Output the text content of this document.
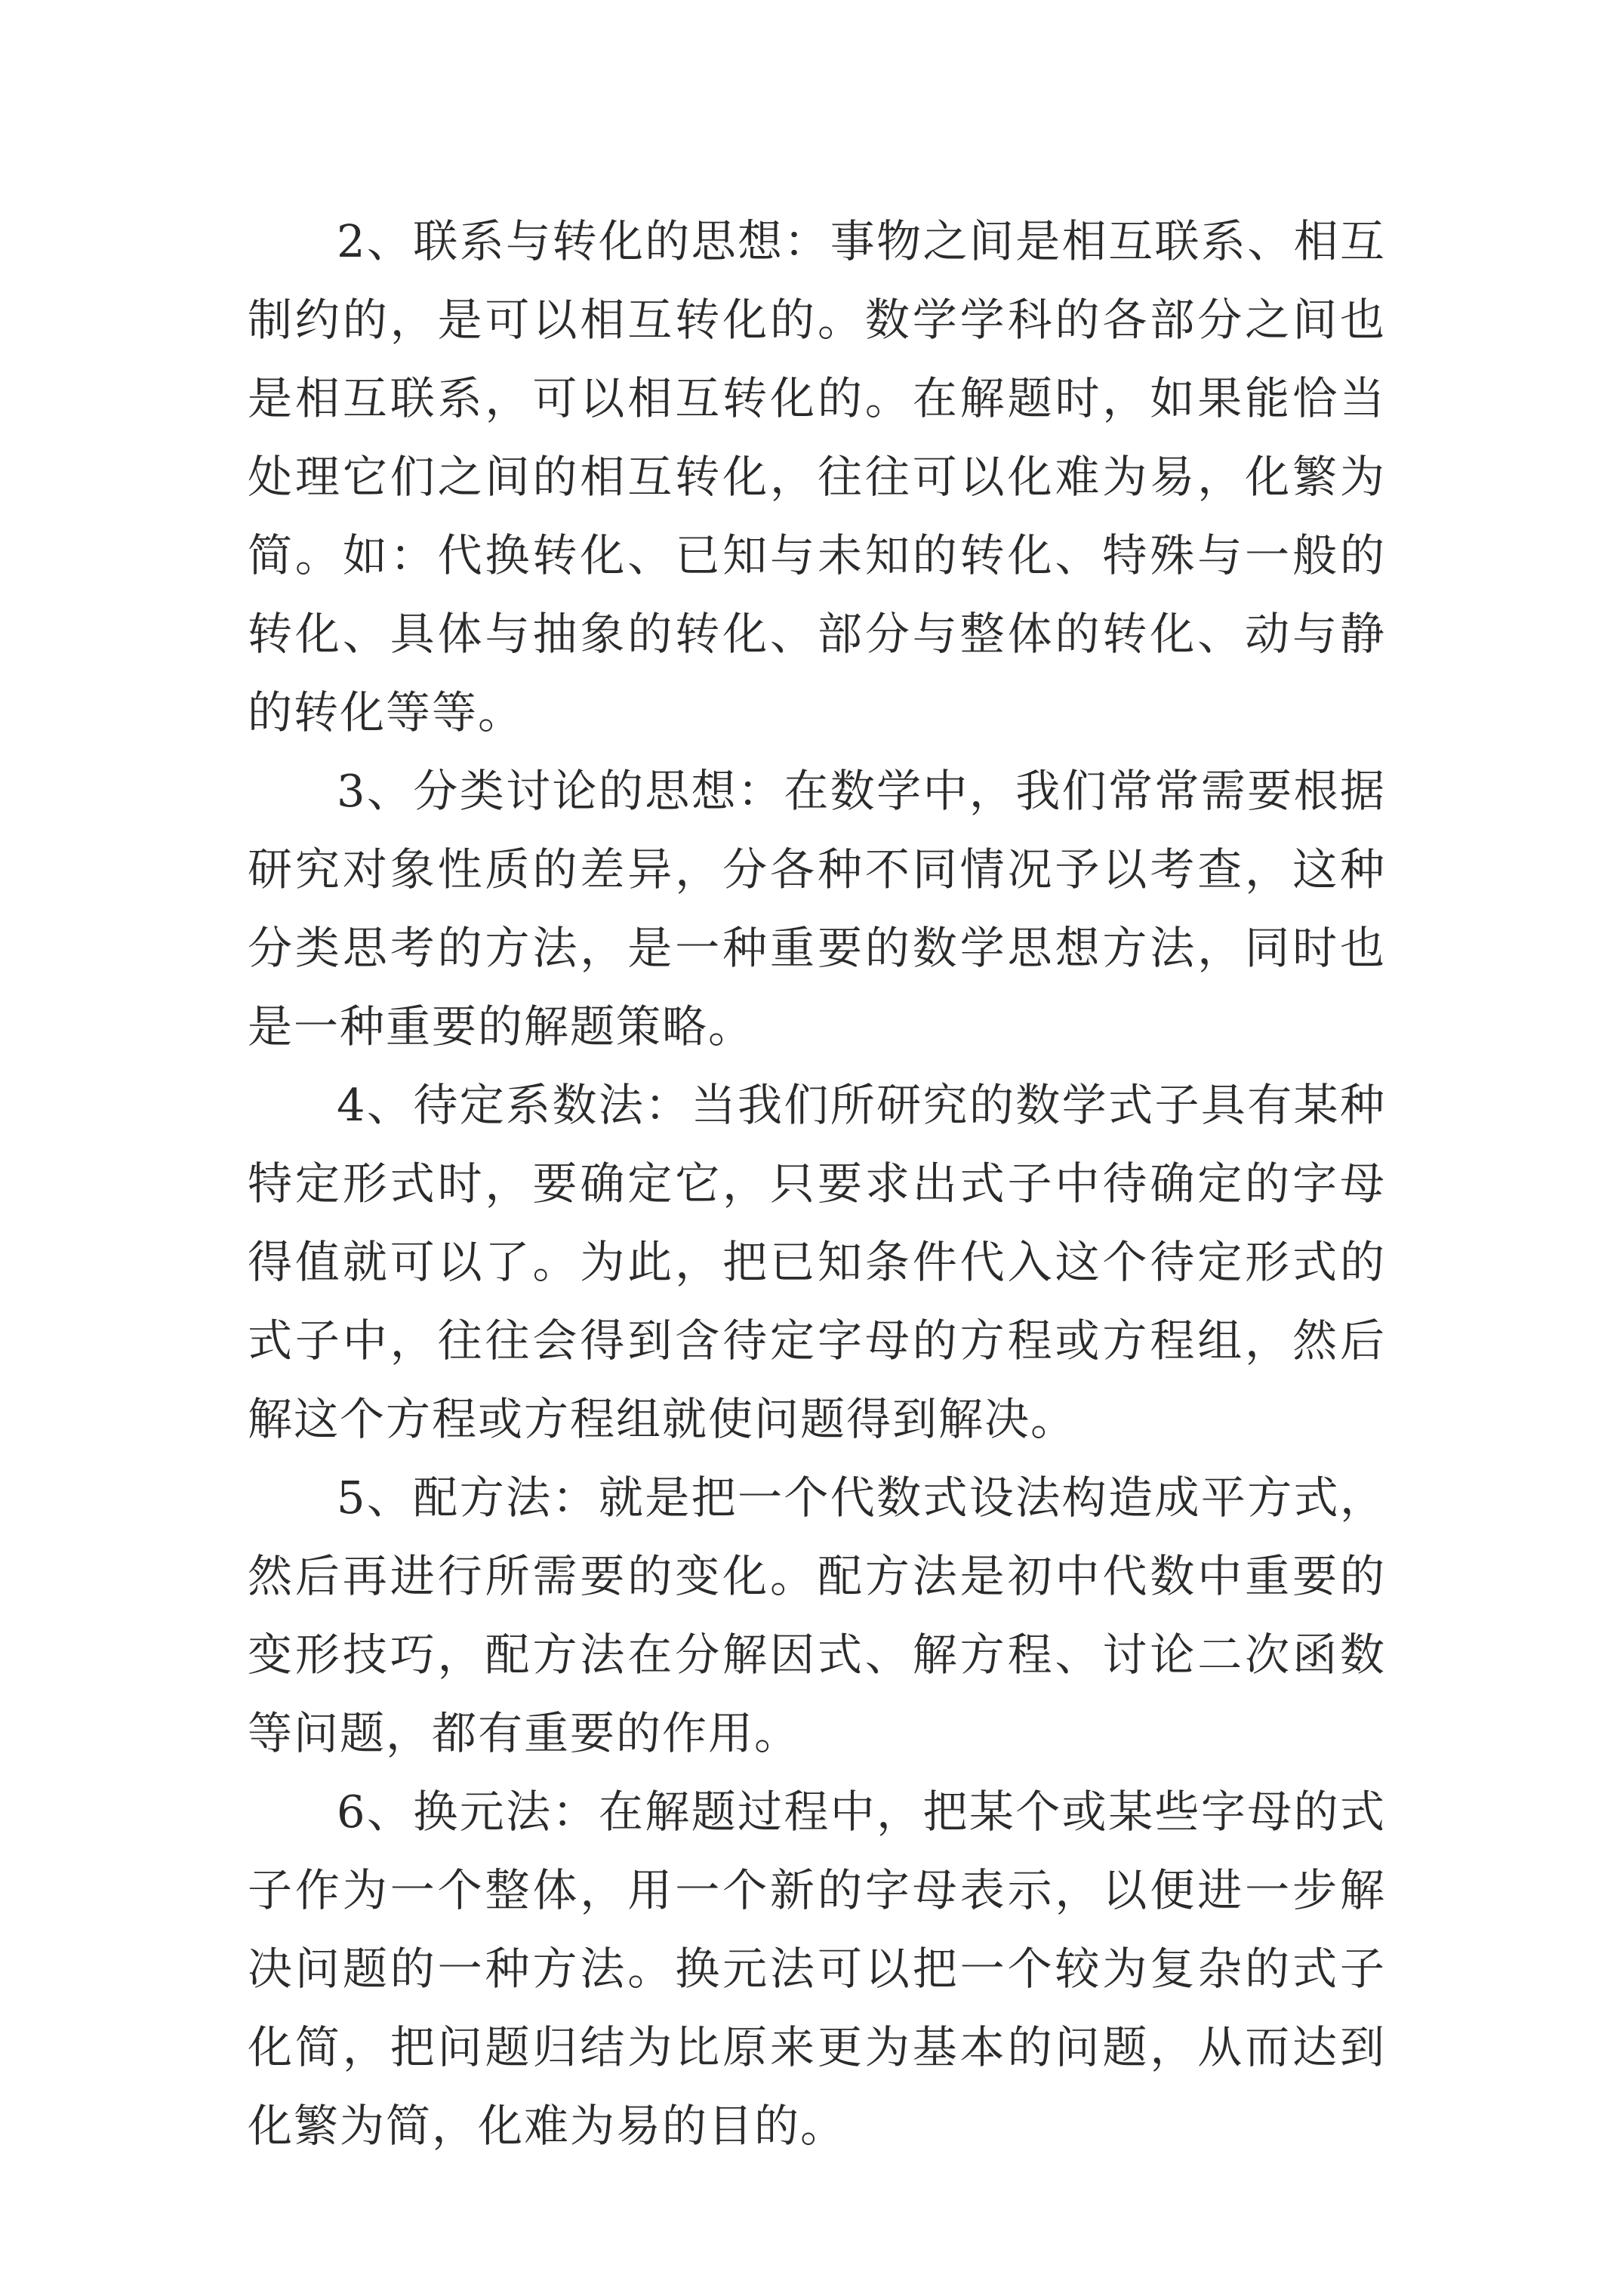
2、联系与转化的思想：事物之间是相互联系、相互制约的，是可以相互转化的。数学学科的各部分之间也是相互联系，可以相互转化的。在解题时，如果能恰当处理它们之间的相互转化，往往可以化难为易，化繁为简。如：代换转化、已知与未知的转化、特殊与一般的转化、具体与抽象的转化、部分与整体的转化、动与静的转化等等。

3、分类讨论的思想：在数学中，我们常常需要根据研究对象性质的差异，分各种不同情况予以考查，这种分类思考的方法，是一种重要的数学思想方法，同时也是一种重要的解题策略。

4、待定系数法：当我们所研究的数学式子具有某种特定形式时，要确定它，只要求出式子中待确定的字母得值就可以了。为此，把已知条件代入这个待定形式的式子中，往往会得到含待定字母的方程或方程组，然后解这个方程或方程组就使问题得到解决。

5、配方法：就是把一个代数式设法构造成平方式，然后再进行所需要的变化。配方法是初中代数中重要的变形技巧，配方法在分解因式、解方程、讨论二次函数等问题，都有重要的作用。

6、换元法：在解题过程中，把某个或某些字母的式子作为一个整体，用一个新的字母表示，以便进一步解决问题的一种方法。换元法可以把一个较为复杂的式子化简，把问题归结为比原来更为基本的问题，从而达到化繁为简，化难为易的目的。
